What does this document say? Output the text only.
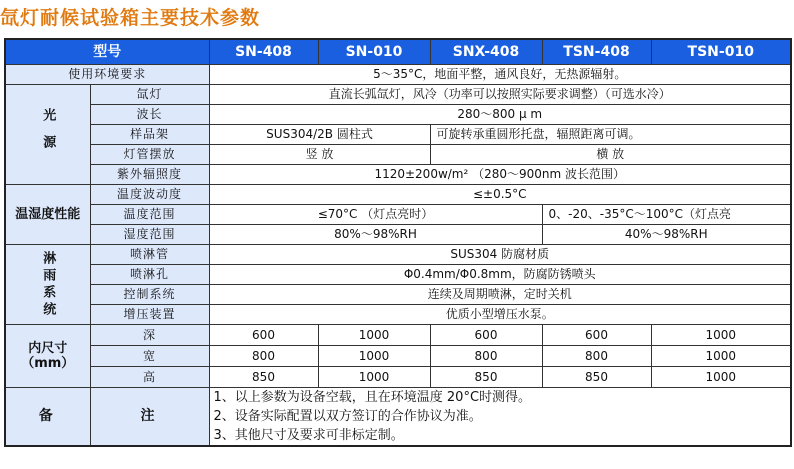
氙灯耐候试验箱主要技术参数
型号		SN-408	SN-010	SNX-408	TSN-408	TSN-010
使用环境要求		5～35°C，地面平整，通风良好，无热源辐射。				
光源	氙灯	直流长弧氙灯，风冷（功率可以按照实际要求调整）（可选水冷）				
	波长	280～800 μ m				
	样品架	SUS304/2B 圆柱式		可旋转承重圆形托盘，辐照距离可调。		
	灯管摆放	竖 放		横 放		
	紫外辐照度	1120±200w/m² （280～900nm 波长范围）				
温湿度性能	温度波动度	≤±0.5°C				
	温度范围	≤70°C （灯点亮时）			0、-20、-35°C～100°C（灯点亮	
	湿度范围	80%～98%RH			40%～98%RH	
淋雨系统	喷淋管	SUS304 防腐材质				
	喷淋孔	Φ0.4mm/Φ0.8mm，防腐防锈喷头				
	控制系统	连续及周期喷淋，定时关机				
	增压装置	优质小型增压水泵。				
内尺寸（mm）	深	600	1000	600	600	1000
	宽	800	1000	800	800	1000
	高	850	1000	850	850	1000
备	注	1、以上参数为设备空载，且在环境温度 20°C时测得。
2、设备实际配置以双方签订的合作协议为准。
3、其他尺寸及要求可非标定制。				
